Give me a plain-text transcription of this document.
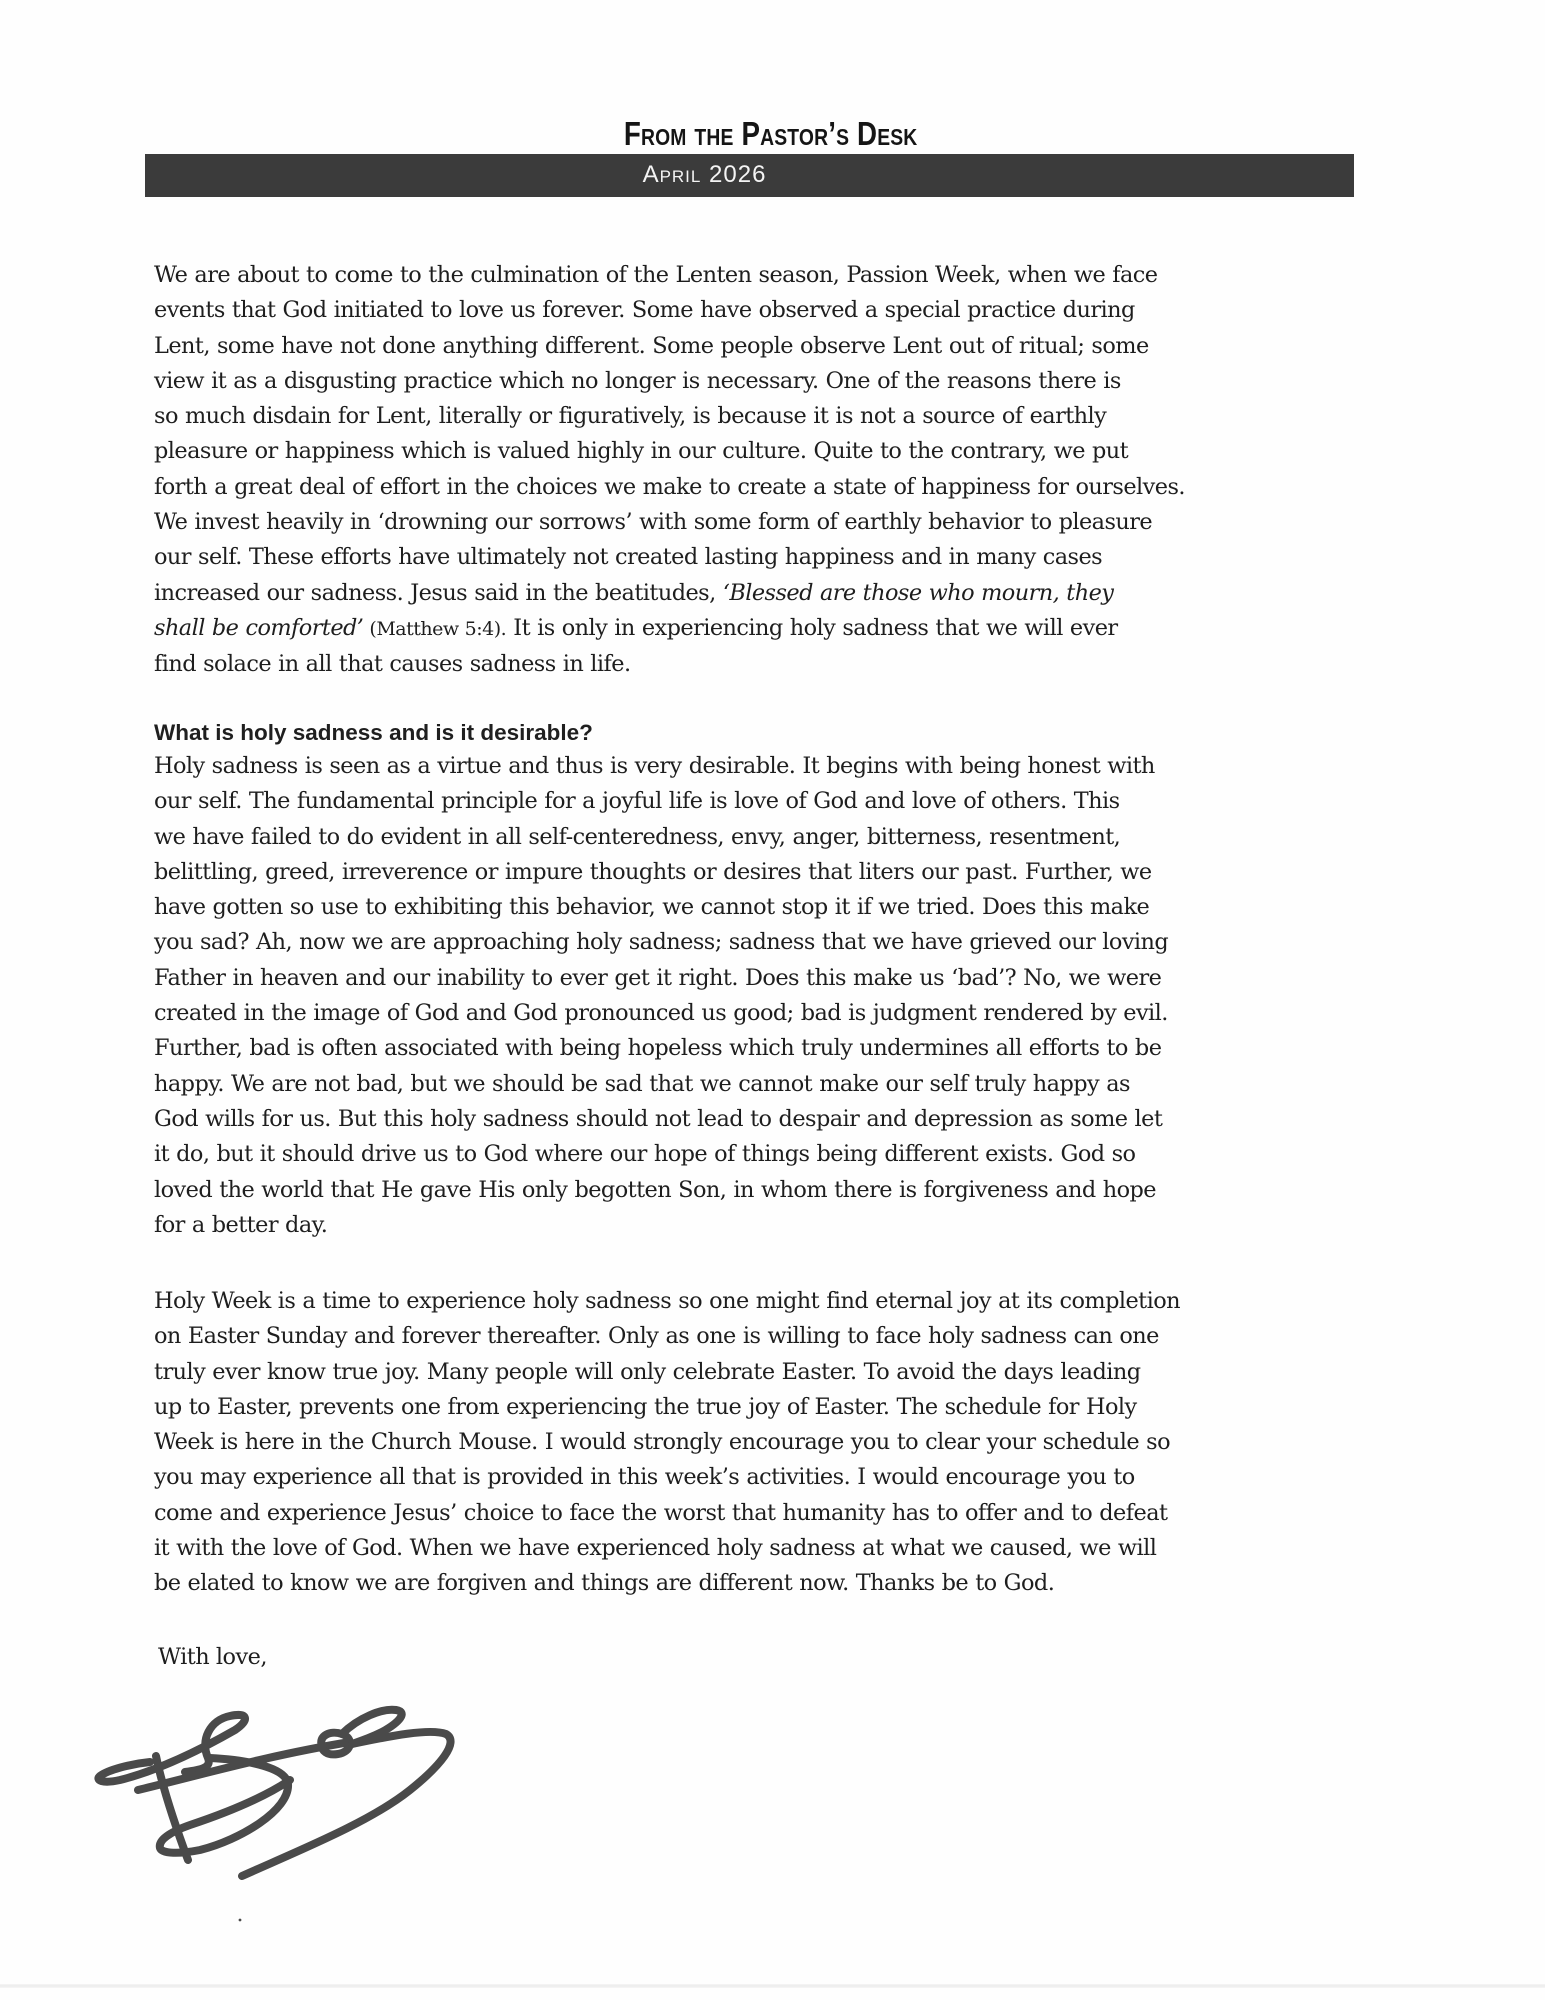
From the Pastor’s Desk
April 2026
We are about to come to the culmination of the Lenten season, Passion Week, when we face
events that God initiated to love us forever. Some have observed a special practice during
Lent, some have not done anything different. Some people observe Lent out of ritual; some
view it as a disgusting practice which no longer is necessary. One of the reasons there is
so much disdain for Lent, literally or figuratively, is because it is not a source of earthly
pleasure or happiness which is valued highly in our culture. Quite to the contrary, we put
forth a great deal of effort in the choices we make to create a state of happiness for ourselves.
We invest heavily in ‘drowning our sorrows’ with some form of earthly behavior to pleasure
our self. These efforts have ultimately not created lasting happiness and in many cases
increased our sadness. Jesus said in the beatitudes, ‘Blessed are those who mourn, they
shall be comforted’ (Matthew 5:4). It is only in experiencing holy sadness that we will ever
find solace in all that causes sadness in life.
What is holy sadness and is it desirable?
Holy sadness is seen as a virtue and thus is very desirable. It begins with being honest with
our self. The fundamental principle for a joyful life is love of God and love of others. This
we have failed to do evident in all self-centeredness, envy, anger, bitterness, resentment,
belittling, greed, irreverence or impure thoughts or desires that liters our past. Further, we
have gotten so use to exhibiting this behavior, we cannot stop it if we tried. Does this make
you sad? Ah, now we are approaching holy sadness; sadness that we have grieved our loving
Father in heaven and our inability to ever get it right. Does this make us ‘bad’? No, we were
created in the image of God and God pronounced us good; bad is judgment rendered by evil.
Further, bad is often associated with being hopeless which truly undermines all efforts to be
happy. We are not bad, but we should be sad that we cannot make our self truly happy as
God wills for us. But this holy sadness should not lead to despair and depression as some let
it do, but it should drive us to God where our hope of things being different exists. God so
loved the world that He gave His only begotten Son, in whom there is forgiveness and hope
for a better day.
Holy Week is a time to experience holy sadness so one might find eternal joy at its completion
on Easter Sunday and forever thereafter. Only as one is willing to face holy sadness can one
truly ever know true joy. Many people will only celebrate Easter. To avoid the days leading
up to Easter, prevents one from experiencing the true joy of Easter. The schedule for Holy
Week is here in the Church Mouse. I would strongly encourage you to clear your schedule so
you may experience all that is provided in this week’s activities. I would encourage you to
come and experience Jesus’ choice to face the worst that humanity has to offer and to defeat
it with the love of God. When we have experienced holy sadness at what we caused, we will
be elated to know we are forgiven and things are different now. Thanks be to God.
With love,
